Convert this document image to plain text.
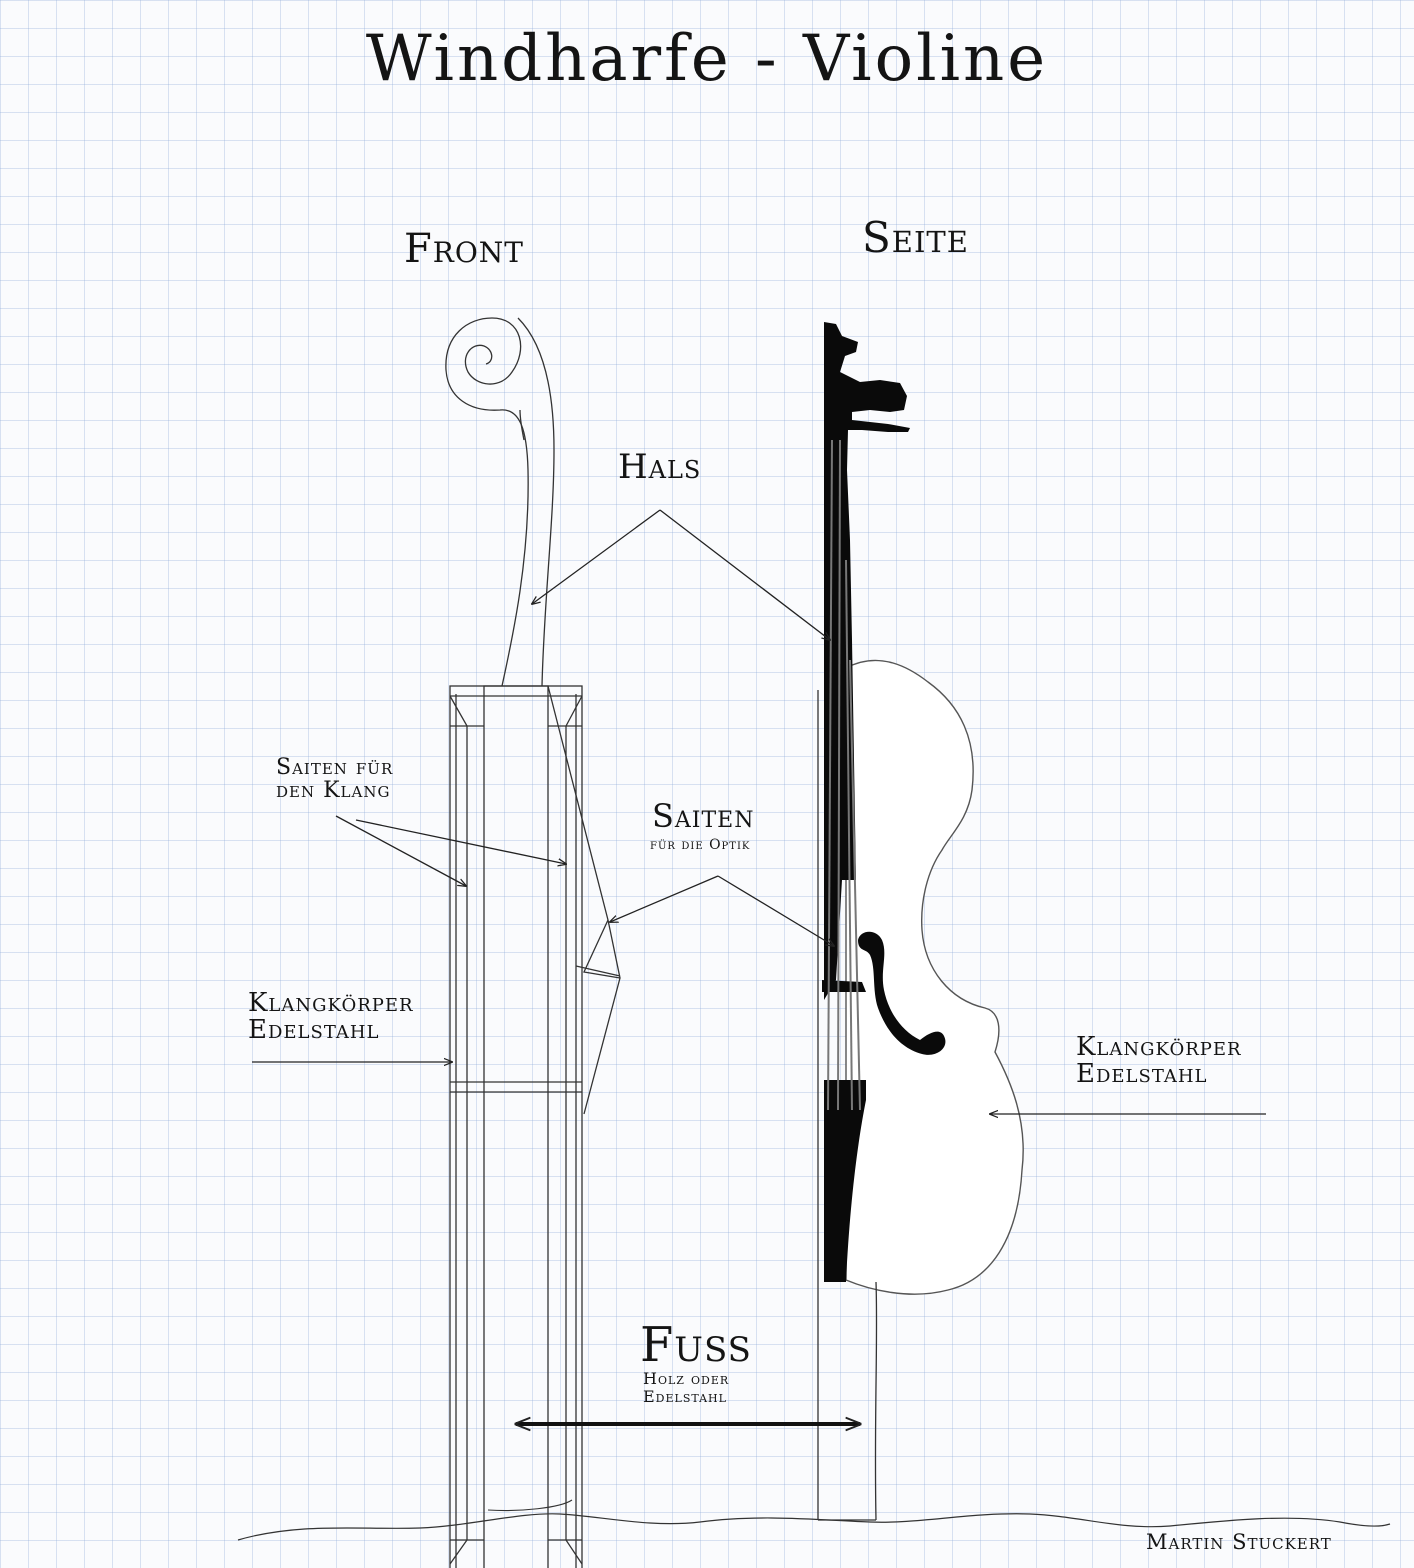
Windharfe - Violine
Front	Seite
Hals
Saiten für den Klang
Saiten
für die Optik
Klangkörper Edelstahl
Klangkörper Edelstahl
Fuss
Holz oder Edelstahl
Martin Stuckert
